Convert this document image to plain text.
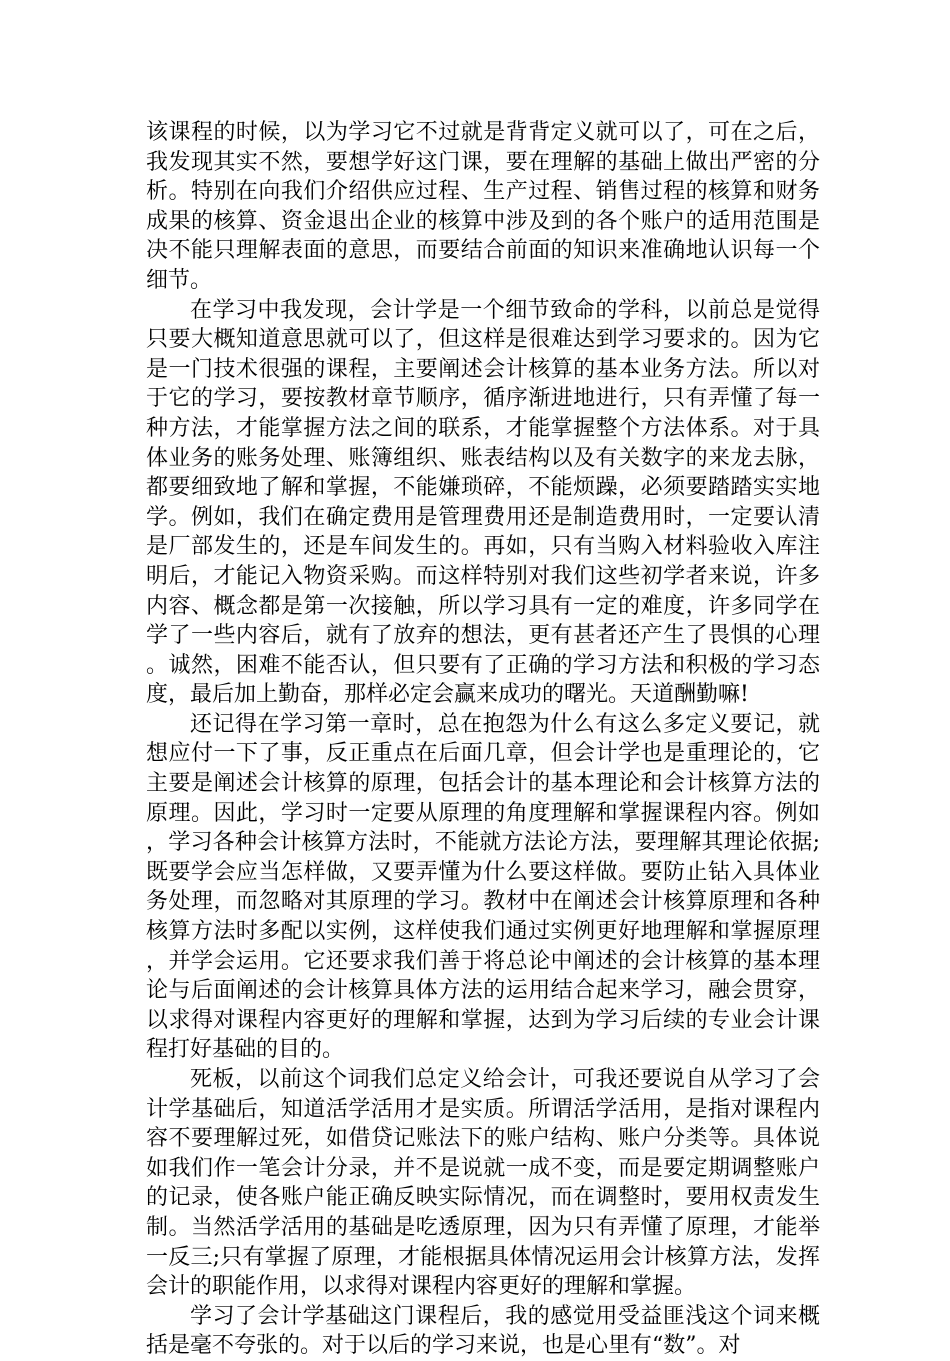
该课程的时候，以为学习它不过就是背背定义就可以了，可在之后，我发现其实不然，要想学好这门课，要在理解的基础上做出严密的分析。特别在向我们介绍供应过程、生产过程、销售过程的核算和财务成果的核算、资金退出企业的核算中涉及到的各个账户的适用范围是决不能只理解表面的意思，而要结合前面的知识来准确地认识每一个细节。

在学习中我发现，会计学是一个细节致命的学科，以前总是觉得只要大概知道意思就可以了，但这样是很难达到学习要求的。因为它是一门技术很强的课程，主要阐述会计核算的基本业务方法。所以对于它的学习，要按教材章节顺序，循序渐进地进行，只有弄懂了每一种方法，才能掌握方法之间的联系，才能掌握整个方法体系。对于具体业务的账务处理、账簿组织、账表结构以及有关数字的来龙去脉，都要细致地了解和掌握，不能嫌琐碎，不能烦躁，必须要踏踏实实地学。例如，我们在确定费用是管理费用还是制造费用时，一定要认清是厂部发生的，还是车间发生的。再如，只有当购入材料验收入库注明后，才能记入物资采购。而这样特别对我们这些初学者来说，许多内容、概念都是第一次接触，所以学习具有一定的难度，许多同学在学了一些内容后，就有了放弃的想法，更有甚者还产生了畏惧的心理。诚然，困难不能否认，但只要有了正确的学习方法和积极的学习态度，最后加上勤奋，那样必定会赢来成功的曙光。天道酬勤嘛!

还记得在学习第一章时，总在抱怨为什么有这么多定义要记，就想应付一下了事，反正重点在后面几章，但会计学也是重理论的，它主要是阐述会计核算的原理，包括会计的基本理论和会计核算方法的原理。因此，学习时一定要从原理的角度理解和掌握课程内容。例如，学习各种会计核算方法时，不能就方法论方法，要理解其理论依据;既要学会应当怎样做，又要弄懂为什么要这样做。要防止钻入具体业务处理，而忽略对其原理的学习。教材中在阐述会计核算原理和各种核算方法时多配以实例，这样使我们通过实例更好地理解和掌握原理，并学会运用。它还要求我们善于将总论中阐述的会计核算的基本理论与后面阐述的会计核算具体方法的运用结合起来学习，融会贯穿，以求得对课程内容更好的理解和掌握，达到为学习后续的专业会计课程打好基础的目的。

死板，以前这个词我们总定义给会计，可我还要说自从学习了会计学基础后，知道活学活用才是实质。所谓活学活用，是指对课程内容不要理解过死，如借贷记账法下的账户结构、账户分类等。具体说如我们作一笔会计分录，并不是说就一成不变，而是要定期调整账户的记录，使各账户能正确反映实际情况，而在调整时，要用权责发生制。当然活学活用的基础是吃透原理，因为只有弄懂了原理，才能举一反三;只有掌握了原理，才能根据具体情况运用会计核算方法，发挥会计的职能作用，以求得对课程内容更好的理解和掌握。

学习了会计学基础这门课程后，我的感觉用受益匪浅这个词来概括是毫不夸张的。对于以后的学习来说，也是心里有“数”。对
